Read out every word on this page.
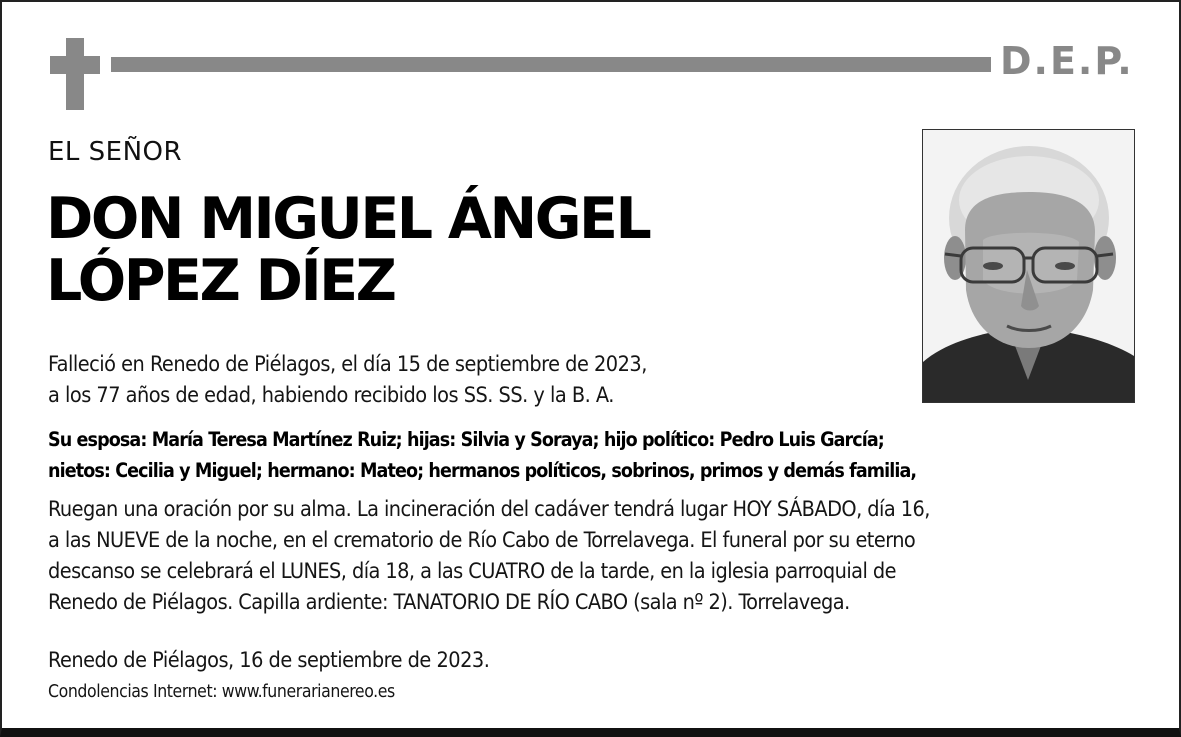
D.E.P.
EL SEÑOR
DON MIGUEL ÁNGEL
LÓPEZ DÍEZ
Falleció en Renedo de Piélagos, el día 15 de septiembre de 2023,
a los 77 años de edad, habiendo recibido los SS. SS. y la B. A.
Su esposa: María Teresa Martínez Ruiz; hijas: Silvia y Soraya; hijo político: Pedro Luis García;
nietos: Cecilia y Miguel; hermano: Mateo; hermanos políticos, sobrinos, primos y demás familia,
Ruegan una oración por su alma. La incineración del cadáver tendrá lugar HOY SÁBADO, día 16,
a las NUEVE de la noche, en el crematorio de Río Cabo de Torrelavega. El funeral por su eterno
descanso se celebrará el LUNES, día 18, a las CUATRO de la tarde, en la iglesia parroquial de
Renedo de Piélagos. Capilla ardiente: TANATORIO DE RÍO CABO (sala nº 2). Torrelavega.
Renedo de Piélagos, 16 de septiembre de 2023.
Condolencias Internet: www.funerarianereo.es
